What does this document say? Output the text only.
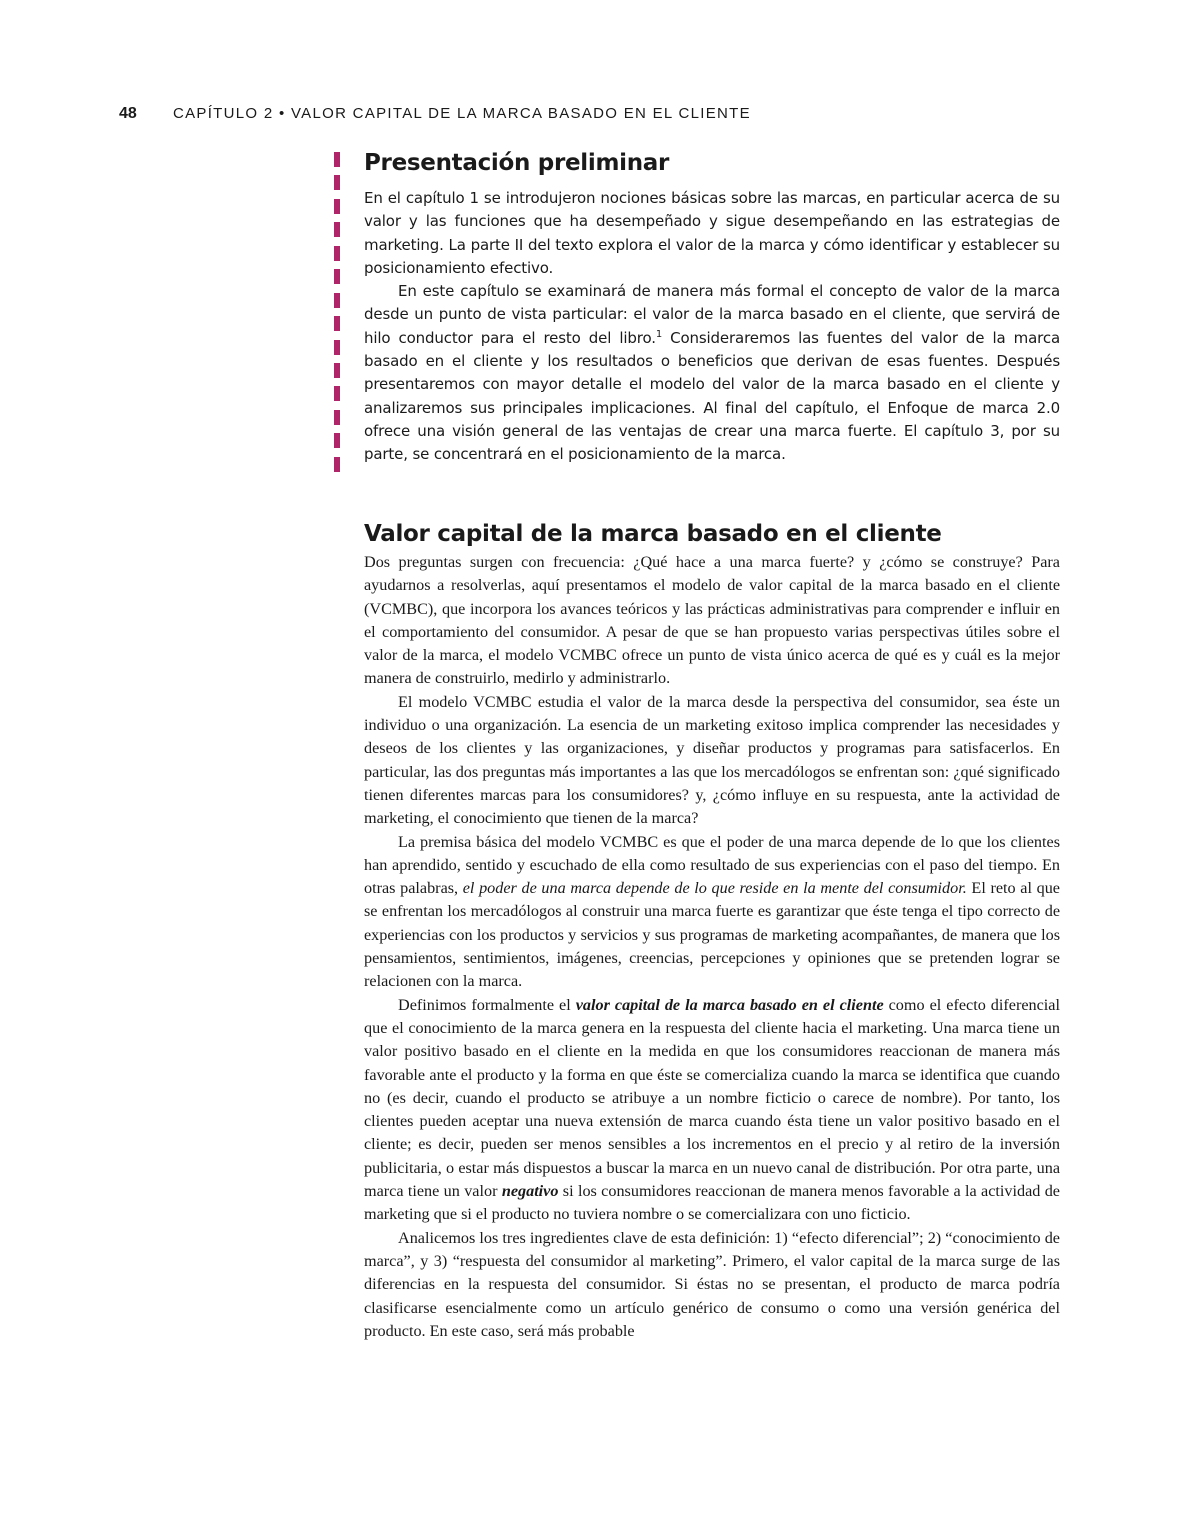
48 CAPÍTULO 2 • VALOR CAPITAL DE LA MARCA BASADO EN EL CLIENTE
Presentación preliminar

En el capítulo 1 se introdujeron nociones básicas sobre las marcas, en particular acerca de su valor y las funciones que ha desempeñado y sigue desempeñando en las estrategias de marketing. La parte II del texto explora el valor de la marca y cómo identificar y establecer su posicionamiento efectivo.

En este capítulo se examinará de manera más formal el concepto de valor de la marca desde un punto de vista particular: el valor de la marca basado en el cliente, que servirá de hilo conductor para el resto del libro.$^1$ Consideraremos las fuentes del valor de la marca basado en el cliente y los resultados o beneficios que derivan de esas fuentes. Después presentaremos con mayor detalle el modelo del valor de la marca basado en el cliente y analizaremos sus principales implicaciones. Al final del capítulo, el Enfoque de marca 2.0 ofrece una visión general de las ventajas de crear una marca fuerte. El capítulo 3, por su parte, se concentrará en el posicionamiento de la marca.

Valor capital de la marca basado en el cliente

Dos preguntas surgen con frecuencia: ¿Qué hace a una marca fuerte? y ¿cómo se construye? Para ayudarnos a resolverlas, aquí presentamos el modelo de valor capital de la marca basado en el cliente (VCMBC), que incorpora los avances teóricos y las prácticas administrativas para comprender e influir en el comportamiento del consumidor. A pesar de que se han propuesto varias perspectivas útiles sobre el valor de la marca, el modelo VCMBC ofrece un punto de vista único acerca de qué es y cuál es la mejor manera de construirlo, medirlo y administrarlo.

El modelo VCMBC estudia el valor de la marca desde la perspectiva del consumidor, sea éste un individuo o una organización. La esencia de un marketing exitoso implica comprender las necesidades y deseos de los clientes y las organizaciones, y diseñar productos y programas para satisfacerlos. En particular, las dos preguntas más importantes a las que los mercadólogos se enfrentan son: ¿qué significado tienen diferentes marcas para los consumidores? y, ¿cómo influye en su respuesta, ante la actividad de marketing, el conocimiento que tienen de la marca?

La premisa básica del modelo VCMBC es que el poder de una marca depende de lo que los clientes han aprendido, sentido y escuchado de ella como resultado de sus experiencias con el paso del tiempo. En otras palabras, el poder de una marca depende de lo que reside en la mente del consumidor. El reto al que se enfrentan los mercadólogos al construir una marca fuerte es garantizar que éste tenga el tipo correcto de experiencias con los productos y servicios y sus programas de marketing acompañantes, de manera que los pensamientos, sentimientos, imágenes, creencias, percepciones y opiniones que se pretenden lograr se relacionen con la marca.

Definimos formalmente el valor capital de la marca basado en el cliente como el efecto diferencial que el conocimiento de la marca genera en la respuesta del cliente hacia el marketing. Una marca tiene un valor positivo basado en el cliente en la medida en que los consumidores reaccionan de manera más favorable ante el producto y la forma en que éste se comercializa cuando la marca se identifica que cuando no (es decir, cuando el producto se atribuye a un nombre ficticio o carece de nombre). Por tanto, los clientes pueden aceptar una nueva extensión de marca cuando ésta tiene un valor positivo basado en el cliente; es decir, pueden ser menos sensibles a los incrementos en el precio y al retiro de la inversión publicitaria, o estar más dispuestos a buscar la marca en un nuevo canal de distribución. Por otra parte, una marca tiene un valor negativo si los consumidores reaccionan de manera menos favorable a la actividad de marketing que si el producto no tuviera nombre o se comercializara con uno ficticio.

Analicemos los tres ingredientes clave de esta definición: 1) “efecto diferencial”; 2) “conocimiento de marca”, y 3) “respuesta del consumidor al marketing”. Primero, el valor capital de la marca surge de las diferencias en la respuesta del consumidor. Si éstas no se presentan, el producto de marca podría clasificarse esencialmente como un artículo genérico de consumo o como una versión genérica del producto. En este caso, será más probable
